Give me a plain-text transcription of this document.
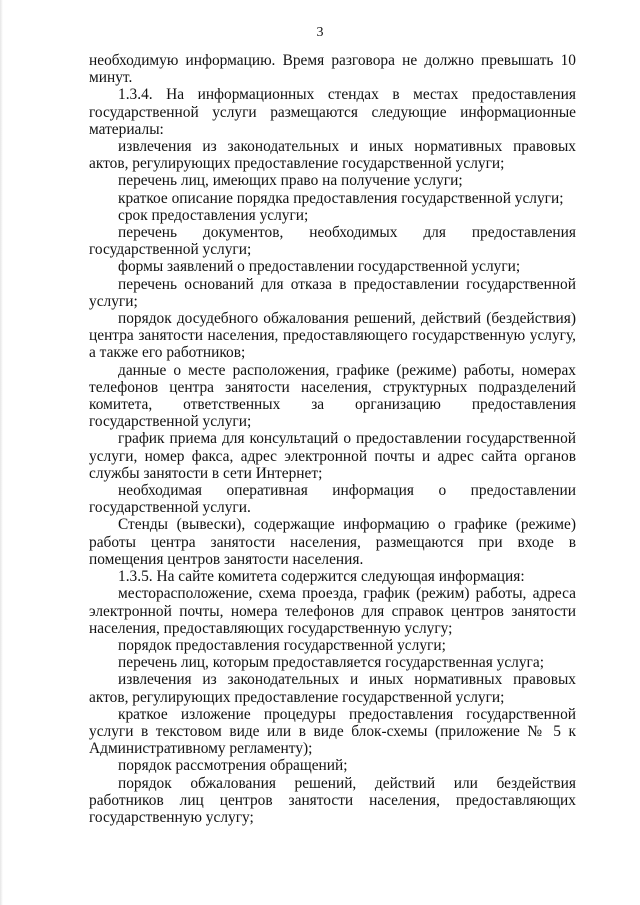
3

необходимую информацию. Время разговора не должно превышать 10 минут.

1.3.4. На информационных стендах в местах предоставления государственной услуги размещаются следующие информационные материалы:

извлечения из законодательных и иных нормативных правовых актов, регулирующих предоставление государственной услуги;

перечень лиц, имеющих право на получение услуги;

краткое описание порядка предоставления государственной услуги;

срок предоставления услуги;

перечень документов, необходимых для предоставления государственной услуги;

формы заявлений о предоставлении государственной услуги;

перечень оснований для отказа в предоставлении государственной услуги;

порядок досудебного обжалования решений, действий (бездействия) центра занятости населения, предоставляющего государственную услугу, а также его работников;

данные о месте расположения, графике (режиме) работы, номерах телефонов центра занятости населения, структурных подразделений комитета, ответственных за организацию предоставления государственной услуги;

график приема для консультаций о предоставлении государственной услуги, номер факса, адрес электронной почты и адрес сайта органов службы занятости в сети Интернет;

необходимая оперативная информация о предоставлении государственной услуги.

Стенды (вывески), содержащие информацию о графике (режиме) работы центра занятости населения, размещаются при входе в помещения центров занятости населения.

1.3.5. На сайте комитета содержится следующая информация:

месторасположение, схема проезда, график (режим) работы, адреса электронной почты, номера телефонов для справок центров занятости населения, предоставляющих государственную услугу;

порядок предоставления государственной услуги;

перечень лиц, которым предоставляется государственная услуга;

извлечения из законодательных и иных нормативных правовых актов, регулирующих предоставление государственной услуги;

краткое изложение процедуры предоставления государственной услуги в текстовом виде или в виде блок-схемы (приложение № 5 к Административному регламенту);

порядок рассмотрения обращений;

порядок обжалования решений, действий или бездействия работников лиц центров занятости населения, предоставляющих государственную услугу;
